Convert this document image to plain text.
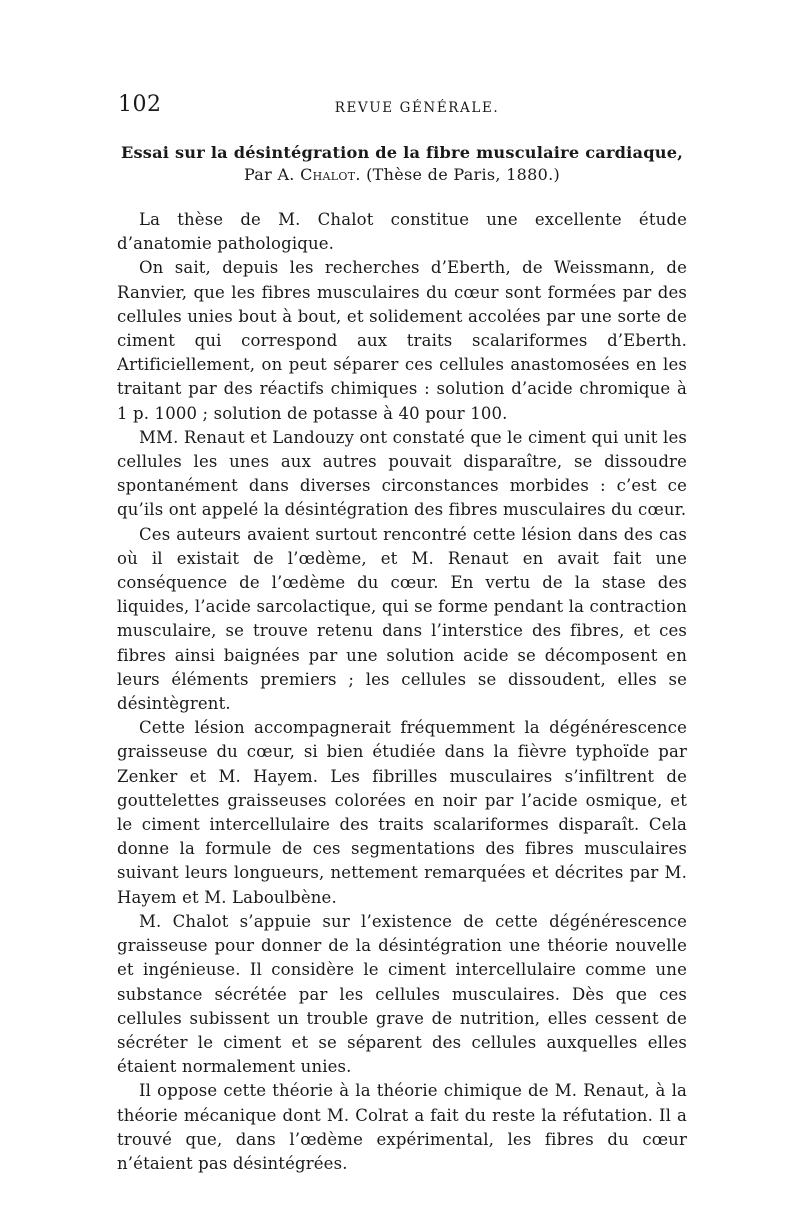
102	REVUE GÉNÉRALE.
Essai sur la désintégration de la fibre musculaire cardiaque,
Par A. Chalot. (Thèse de Paris, 1880.)

La thèse de M. Chalot constitue une excellente étude d’anatomie pathologique.

On sait, depuis les recherches d’Eberth, de Weissmann, de Ranvier, que les fibres musculaires du cœur sont formées par des cellules unies bout à bout, et solidement accolées par une sorte de ciment qui correspond aux traits scalariformes d’Eberth. Artificiellement, on peut séparer ces cellules anastomosées en les traitant par des réactifs chimiques : solution d’acide chromique à 1 p. 1000 ; solution de potasse à 40 pour 100.

MM. Renaut et Landouzy ont constaté que le ciment qui unit les cellules les unes aux autres pouvait disparaître, se dissoudre spontanément dans diverses circonstances morbides : c’est ce qu’ils ont appelé la désintégration des fibres musculaires du cœur.

Ces auteurs avaient surtout rencontré cette lésion dans des cas où il existait de l’œdème, et M. Renaut en avait fait une conséquence de l’œdème du cœur. En vertu de la stase des liquides, l’acide sarcolactique, qui se forme pendant la contraction musculaire, se trouve retenu dans l’interstice des fibres, et ces fibres ainsi baignées par une solution acide se décomposent en leurs éléments premiers ; les cellules se dissoudent, elles se désintègrent.

Cette lésion accompagnerait fréquemment la dégénérescence graisseuse du cœur, si bien étudiée dans la fièvre typhoïde par Zenker et M. Hayem. Les fibrilles musculaires s’infiltrent de gouttelettes graisseuses colorées en noir par l’acide osmique, et le ciment intercellulaire des traits scalariformes disparaît. Cela donne la formule de ces segmentations des fibres musculaires suivant leurs longueurs, nettement remarquées et décrites par M. Hayem et M. Laboulbène.

M. Chalot s’appuie sur l’existence de cette dégénérescence graisseuse pour donner de la désintégration une théorie nouvelle et ingénieuse. Il considère le ciment intercellulaire comme une substance sécrétée par les cellules musculaires. Dès que ces cellules subissent un trouble grave de nutrition, elles cessent de sécréter le ciment et se séparent des cellules auxquelles elles étaient normalement unies.

Il oppose cette théorie à la théorie chimique de M. Renaut, à la théorie mécanique dont M. Colrat a fait du reste la réfutation. Il a trouvé que, dans l’œdème expérimental, les fibres du cœur n’étaient pas désintégrées.
